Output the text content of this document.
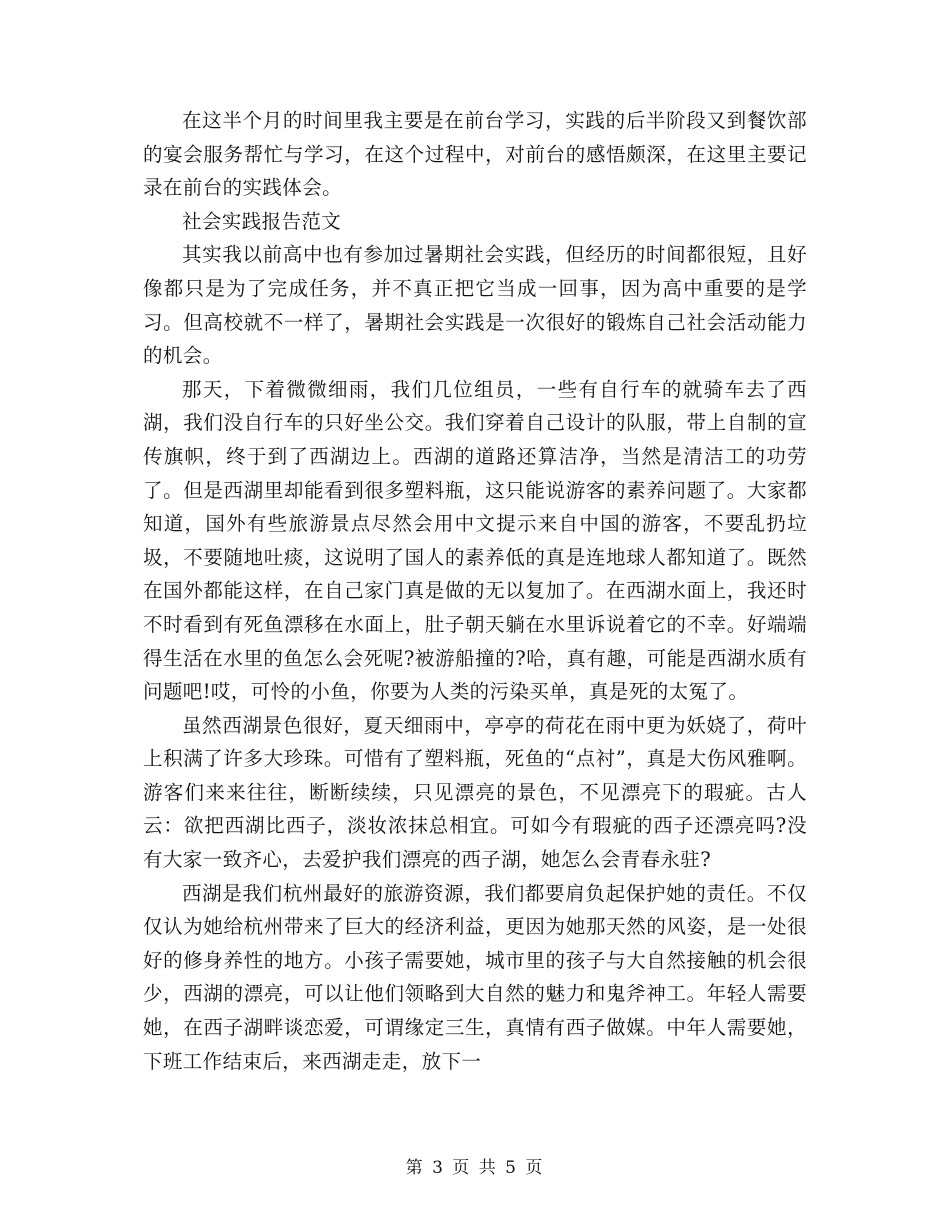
在这半个月的时间里我主要是在前台学习，实践的后半阶段又到餐饮部的宴会服务帮忙与学习，在这个过程中，对前台的感悟颇深，在这里主要记录在前台的实践体会。

社会实践报告范文

其实我以前高中也有参加过暑期社会实践，但经历的时间都很短，且好像都只是为了完成任务，并不真正把它当成一回事，因为高中重要的是学习。但高校就不一样了，暑期社会实践是一次很好的锻炼自己社会活动能力的机会。

那天，下着微微细雨，我们几位组员，一些有自行车的就骑车去了西湖，我们没自行车的只好坐公交。我们穿着自己设计的队服，带上自制的宣传旗帜，终于到了西湖边上。西湖的道路还算洁净，当然是清洁工的功劳了。但是西湖里却能看到很多塑料瓶，这只能说游客的素养问题了。大家都知道，国外有些旅游景点尽然会用中文提示来自中国的游客，不要乱扔垃圾，不要随地吐痰，这说明了国人的素养低的真是连地球人都知道了。既然在国外都能这样，在自己家门真是做的无以复加了。在西湖水面上，我还时不时看到有死鱼漂移在水面上，肚子朝天躺在水里诉说着它的不幸。好端端得生活在水里的鱼怎么会死呢?被游船撞的?哈，真有趣，可能是西湖水质有问题吧!哎，可怜的小鱼，你要为人类的污染买单，真是死的太冤了。

虽然西湖景色很好，夏天细雨中，亭亭的荷花在雨中更为妖娆了，荷叶上积满了许多大珍珠。可惜有了塑料瓶，死鱼的“点衬”，真是大伤风雅啊。游客们来来往往，断断续续，只见漂亮的景色，不见漂亮下的瑕疵。古人云：欲把西湖比西子，淡妆浓抹总相宜。可如今有瑕疵的西子还漂亮吗?没有大家一致齐心，去爱护我们漂亮的西子湖，她怎么会青春永驻?

西湖是我们杭州最好的旅游资源，我们都要肩负起保护她的责任。不仅仅认为她给杭州带来了巨大的经济利益，更因为她那天然的风姿，是一处很好的修身养性的地方。小孩子需要她，城市里的孩子与大自然接触的机会很少，西湖的漂亮，可以让他们领略到大自然的魅力和鬼斧神工。年轻人需要她，在西子湖畔谈恋爱，可谓缘定三生，真情有西子做媒。中年人需要她，下班工作结束后，来西湖走走，放下一

第 3 页 共 5 页
